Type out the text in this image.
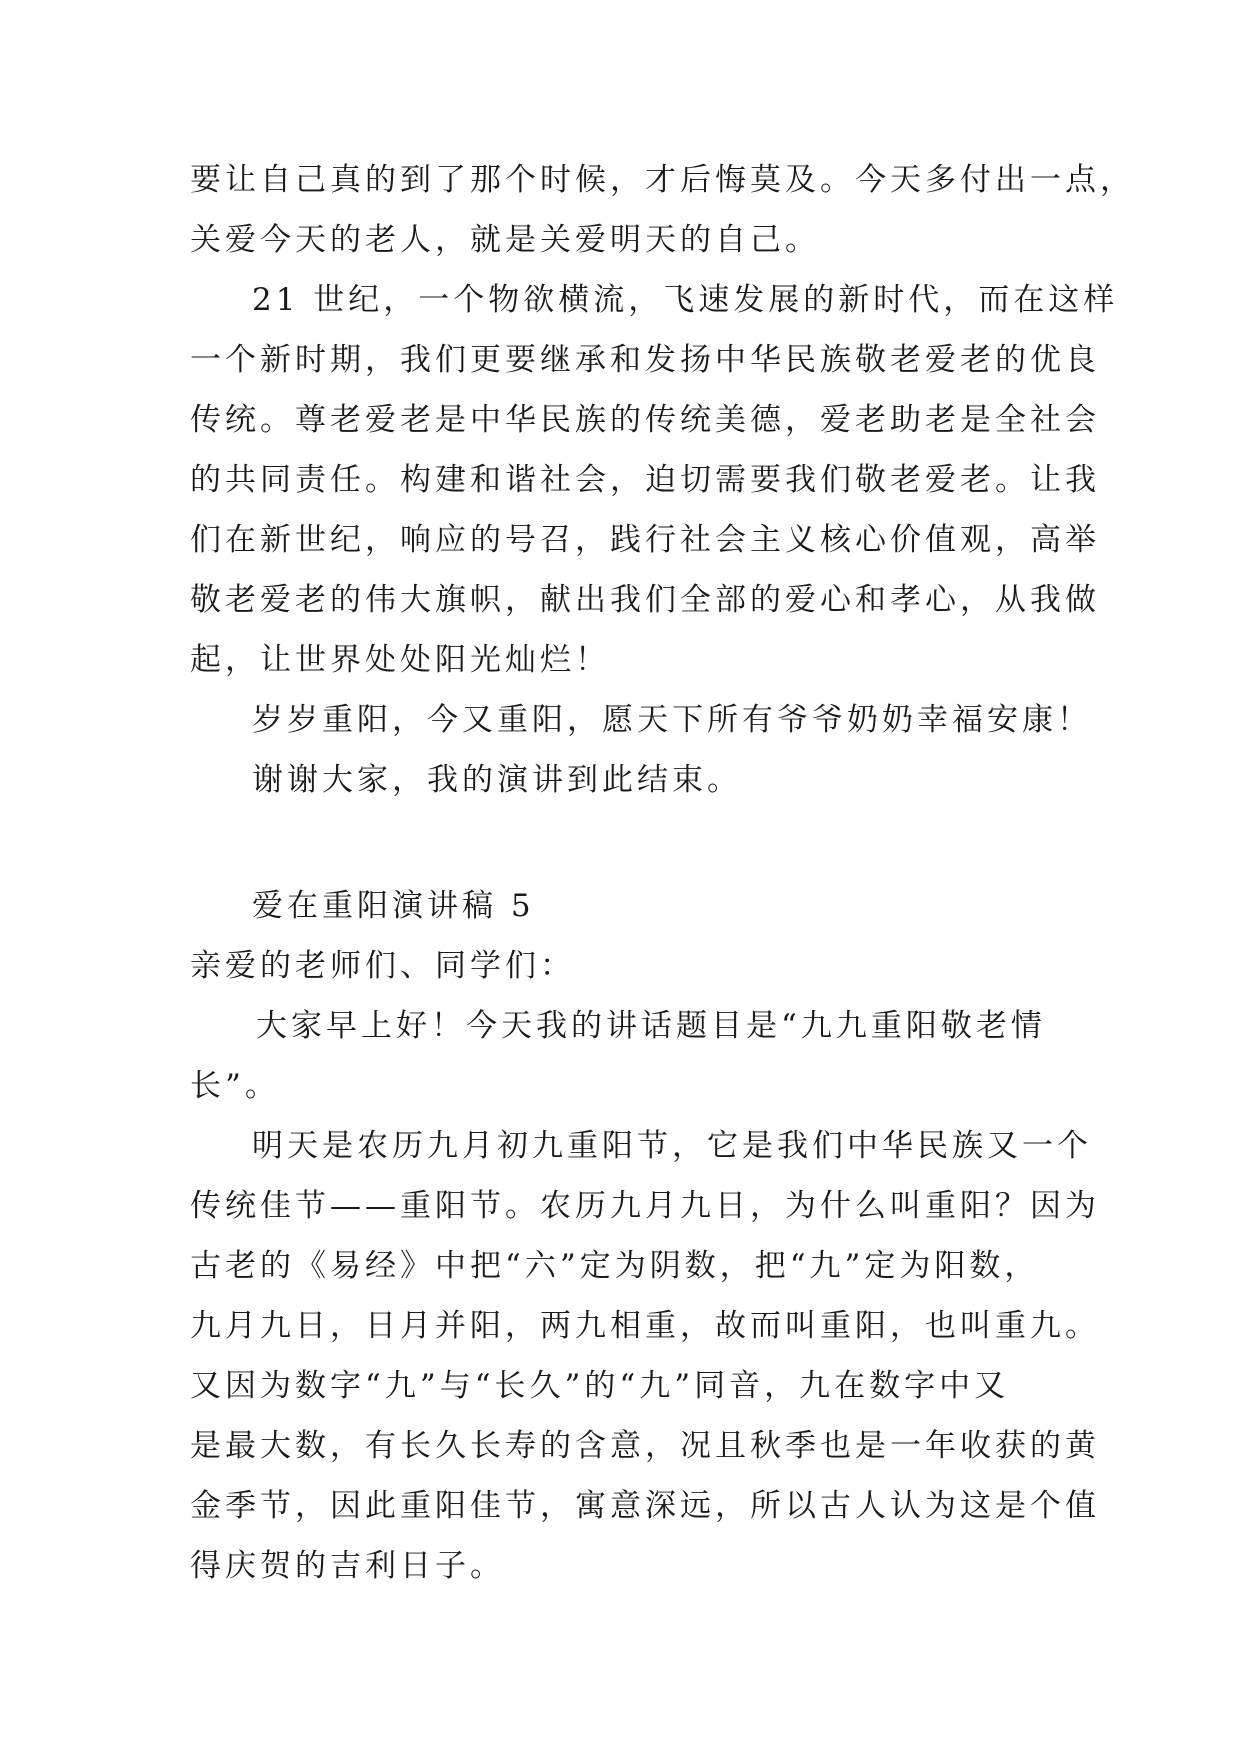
要让自己真的到了那个时候，才后悔莫及。今天多付出一点，
关爱今天的老人，就是关爱明天的自己。
21 世纪，一个物欲横流，飞速发展的新时代，而在这样
一个新时期，我们更要继承和发扬中华民族敬老爱老的优良
传统。尊老爱老是中华民族的传统美德，爱老助老是全社会
的共同责任。构建和谐社会，迫切需要我们敬老爱老。让我
们在新世纪，响应的号召，践行社会主义核心价值观，高举
敬老爱老的伟大旗帜，献出我们全部的爱心和孝心，从我做
起，让世界处处阳光灿烂！
岁岁重阳，今又重阳，愿天下所有爷爷奶奶幸福安康！
谢谢大家，我的演讲到此结束。
爱在重阳演讲稿 5
亲爱的老师们、同学们：
大家早上好！今天我的讲话题目是“九九重阳敬老情
长”。
明天是农历九月初九重阳节，它是我们中华民族又一个
传统佳节——重阳节。农历九月九日，为什么叫重阳？因为
古老的《易经》中把“六”定为阴数，把“九”定为阳数，
九月九日，日月并阳，两九相重，故而叫重阳，也叫重九。
又因为数字“九”与“长久”的“九”同音，九在数字中又
是最大数，有长久长寿的含意，况且秋季也是一年收获的黄
金季节，因此重阳佳节，寓意深远，所以古人认为这是个值
得庆贺的吉利日子。
